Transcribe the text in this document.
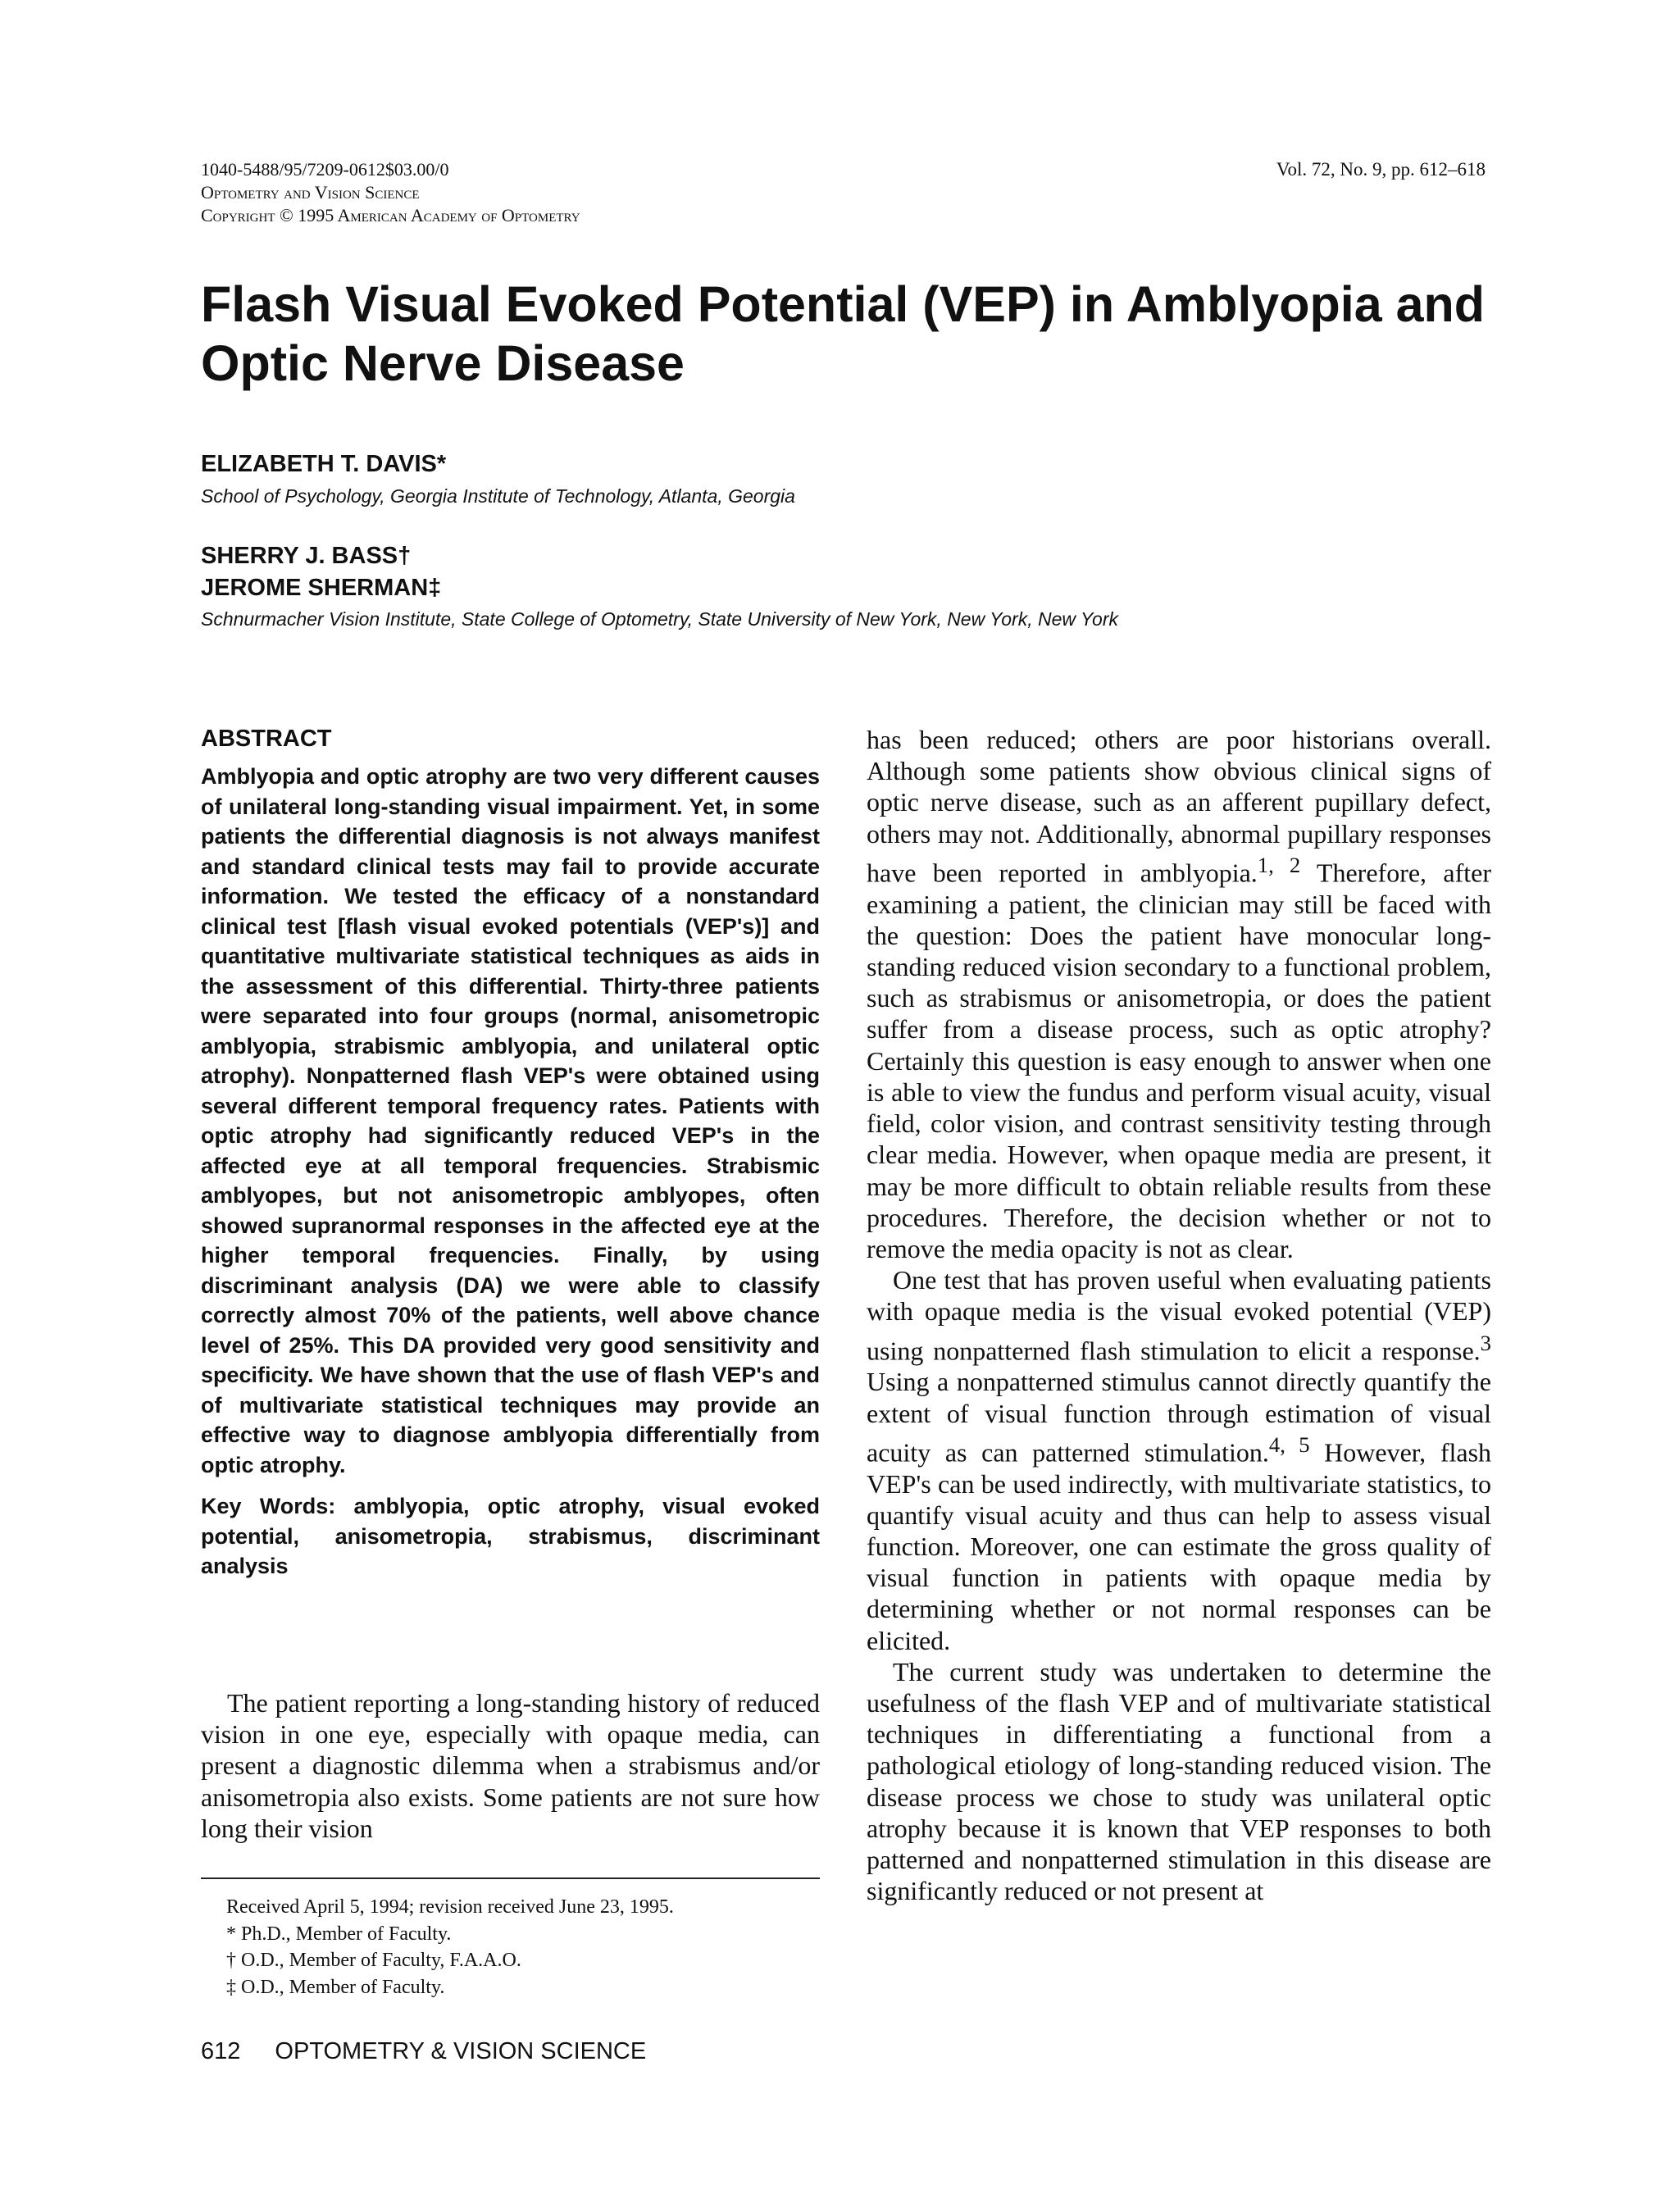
1040-5488/95/7209-0612$03.00/0
Optometry and Vision Science
Copyright © 1995 American Academy of Optometry
Vol. 72, No. 9, pp. 612–618
Flash Visual Evoked Potential (VEP) in Amblyopia and Optic Nerve Disease
ELIZABETH T. DAVIS*
School of Psychology, Georgia Institute of Technology, Atlanta, Georgia
SHERRY J. BASS†
JEROME SHERMAN‡
Schnurmacher Vision Institute, State College of Optometry, State University of New York, New York, New York
ABSTRACT

Amblyopia and optic atrophy are two very different causes of unilateral long-standing visual impairment. Yet, in some patients the differential diagnosis is not always manifest and standard clinical tests may fail to provide accurate information. We tested the efficacy of a nonstandard clinical test [flash visual evoked potentials (VEP's)] and quantitative multivariate statistical techniques as aids in the assessment of this differential. Thirty-three patients were separated into four groups (normal, anisometropic amblyopia, strabismic amblyopia, and unilateral optic atrophy). Nonpatterned flash VEP's were obtained using several different temporal frequency rates. Patients with optic atrophy had significantly reduced VEP's in the affected eye at all temporal frequencies. Strabismic amblyopes, but not anisometropic amblyopes, often showed supranormal responses in the affected eye at the higher temporal frequencies. Finally, by using discriminant analysis (DA) we were able to classify correctly almost 70% of the patients, well above chance level of 25%. This DA provided very good sensitivity and specificity. We have shown that the use of flash VEP's and of multivariate statistical techniques may provide an effective way to diagnose amblyopia differentially from optic atrophy.

Key Words: amblyopia, optic atrophy, visual evoked potential, anisometropia, strabismus, discriminant analysis

The patient reporting a long-standing history of reduced vision in one eye, especially with opaque media, can present a diagnostic dilemma when a strabismus and/or anisometropia also exists. Some patients are not sure how long their vision

Received April 5, 1994; revision received June 23, 1995.
* Ph.D., Member of Faculty.
† O.D., Member of Faculty, F.A.A.O.
‡ O.D., Member of Faculty.

has been reduced; others are poor historians overall. Although some patients show obvious clinical signs of optic nerve disease, such as an afferent pupillary defect, others may not. Additionally, abnormal pupillary responses have been reported in amblyopia.$^{1, 2}$ Therefore, after examining a patient, the clinician may still be faced with the question: Does the patient have monocular long-standing reduced vision secondary to a functional problem, such as strabismus or anisometropia, or does the patient suffer from a disease process, such as optic atrophy? Certainly this question is easy enough to answer when one is able to view the fundus and perform visual acuity, visual field, color vision, and contrast sensitivity testing through clear media. However, when opaque media are present, it may be more difficult to obtain reliable results from these procedures. Therefore, the decision whether or not to remove the media opacity is not as clear.

One test that has proven useful when evaluating patients with opaque media is the visual evoked potential (VEP) using nonpatterned flash stimulation to elicit a response.$^3$ Using a nonpatterned stimulus cannot directly quantify the extent of visual function through estimation of visual acuity as can patterned stimulation.$^{4, 5}$ However, flash VEP's can be used indirectly, with multivariate statistics, to quantify visual acuity and thus can help to assess visual function. Moreover, one can estimate the gross quality of visual function in patients with opaque media by determining whether or not normal responses can be elicited.

The current study was undertaken to determine the usefulness of the flash VEP and of multivariate statistical techniques in differentiating a functional from a pathological etiology of long-standing reduced vision. The disease process we chose to study was unilateral optic atrophy because it is known that VEP responses to both patterned and nonpatterned stimulation in this disease are significantly reduced or not present at

612 OPTOMETRY & VISION SCIENCE
